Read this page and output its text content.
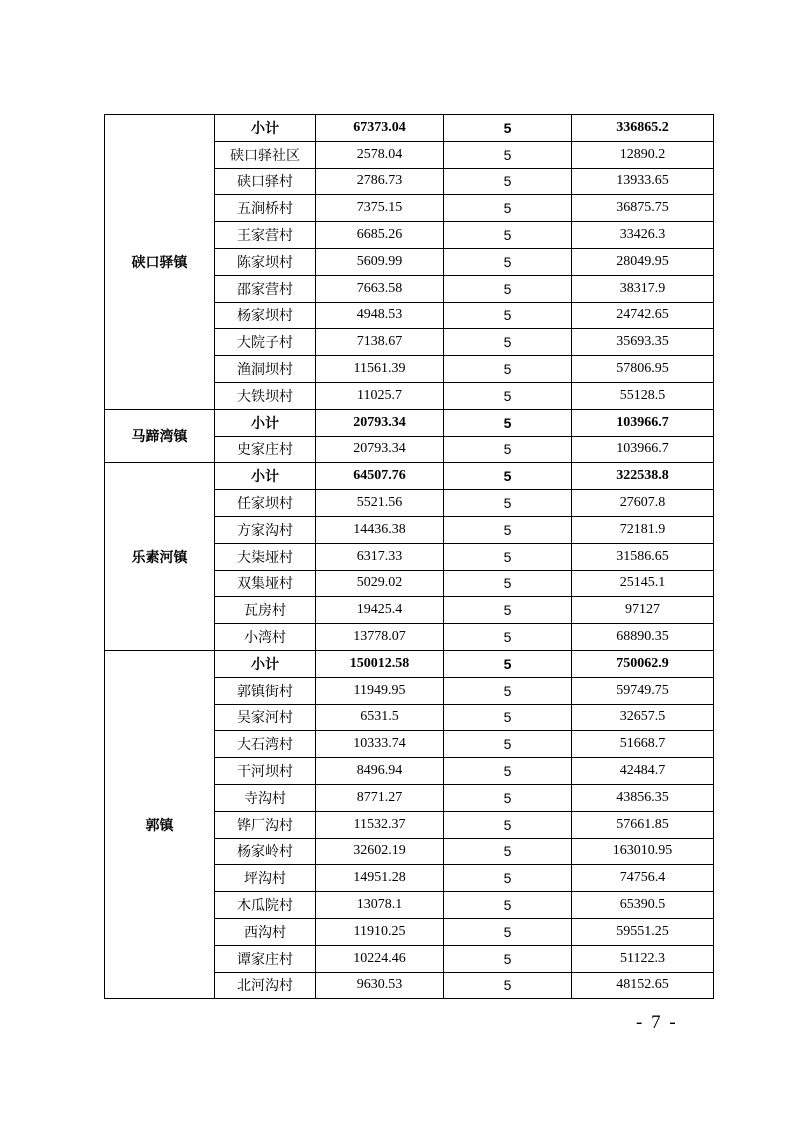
硖口驿镇	小计	67373.04	5	336865.2
	硖口驿社区	2578.04	5	12890.2
	硖口驿村	2786.73	5	13933.65
	五涧桥村	7375.15	5	36875.75
	王家营村	6685.26	5	33426.3
	陈家坝村	5609.99	5	28049.95
	邵家营村	7663.58	5	38317.9
	杨家坝村	4948.53	5	24742.65
	大院子村	7138.67	5	35693.35
	渔洞坝村	11561.39	5	57806.95
	大铁坝村	11025.7	5	55128.5
马蹄湾镇	小计	20793.34	5	103966.7
	史家庄村	20793.34	5	103966.7
乐素河镇	小计	64507.76	5	322538.8
	任家坝村	5521.56	5	27607.8
	方家沟村	14436.38	5	72181.9
	大柒垭村	6317.33	5	31586.65
	双集垭村	5029.02	5	25145.1
	瓦房村	19425.4	5	97127
	小湾村	13778.07	5	68890.35
郭镇	小计	150012.58	5	750062.9
	郭镇街村	11949.95	5	59749.75
	吴家河村	6531.5	5	32657.5
	大石湾村	10333.74	5	51668.7
	干河坝村	8496.94	5	42484.7
	寺沟村	8771.27	5	43856.35
	铧厂沟村	11532.37	5	57661.85
	杨家岭村	32602.19	5	163010.95
	坪沟村	14951.28	5	74756.4
	木瓜院村	13078.1	5	65390.5
	西沟村	11910.25	5	59551.25
	谭家庄村	10224.46	5	51122.3
	北河沟村	9630.53	5	48152.65
- 7 -
